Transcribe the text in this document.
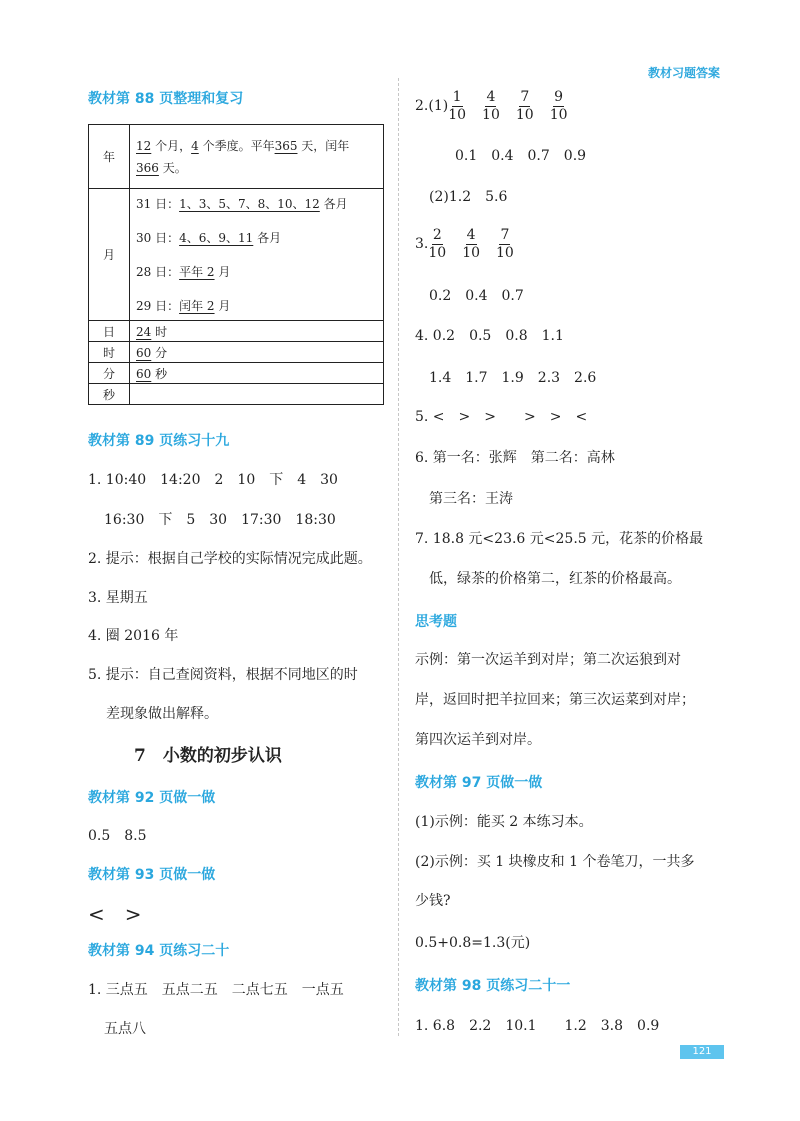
教材习题答案
教材第 88 页整理和复习
教材第 89 页练习十九
1. 10:40　14:20　2　10　下　4　30
16:30　下　5　30　17:30　18:30
2. 提示：根据自己学校的实际情况完成此题。
3. 星期五
4. 圈 2016 年
5. 提示：自己查阅资料，根据不同地区的时
差现象做出解释。
7　小数的初步认识
教材第 92 页做一做
0.5　8.5
教材第 93 页做一做
<　>
教材第 94 页练习二十
1. 三点五　五点二五　二点七五　一点五
五点八
年	12 个月，4 个季度。平年365 天，闰年
366 天。

月	31 日：1、3、5、7、8、10、12 各月
30 日：4、6、9、11 各月
28 日：平年 2 月
29 日：闰年 2 月

日	24 时
时	60 分
分	60 秒
秒	
$2.(1) \frac{1}{10} \frac{4}{10} \frac{7}{10} \frac{9}{10}$
0.1　0.4　0.7　0.9
(2)1.2　5.6
3. $\frac{2}{10} \frac{4}{10} \frac{7}{10}$
0.2　0.4　0.7
4. 0.2　0.5　0.8　1.1
1.4　1.7　1.9　2.3　2.6
5. <　>　>　　>　>　<
6. 第一名：张辉　第二名：高林
第三名：王涛
7. 18.8 元<23.6 元<25.5 元，花茶的价格最
低，绿茶的价格第二，红茶的价格最高。
思考题
示例：第一次运羊到对岸；第二次运狼到对
岸，返回时把羊拉回来；第三次运菜到对岸；
第四次运羊到对岸。
教材第 97 页做一做
(1)示例：能买 2 本练习本。
(2)示例：买 1 块橡皮和 1 个卷笔刀，一共多
少钱?
0.5+0.8=1.3(元)
教材第 98 页练习二十一
1. 6.8　2.2　10.1　　1.2　3.8　0.9
121
